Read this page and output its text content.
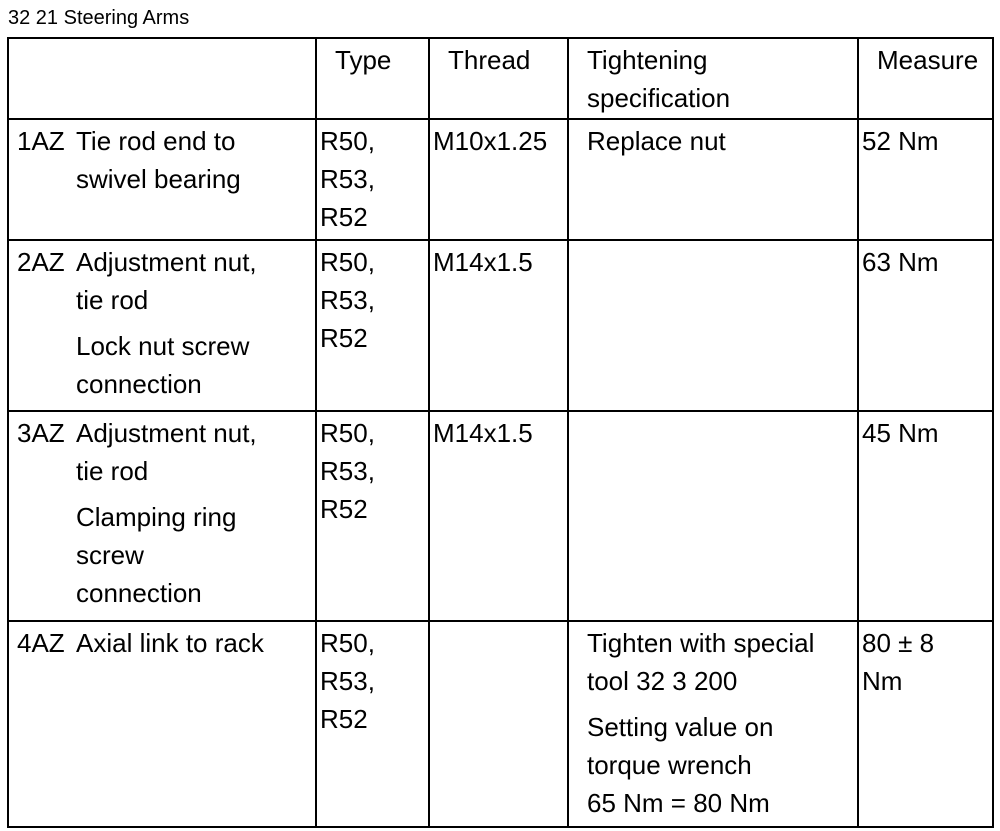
32 21 Steering Arms

		Type	Thread	Tightening
specification	Measure

1AZ	Tie rod end to
swivel bearing	R50,
R53,
R52	M10x1.25	Replace nut	52 Nm

2AZ	Adjustment nut,
tie rod
Lock nut screw
connection	R50,
R53,
R52	M14x1.5		63 Nm

3AZ	Adjustment nut,
tie rod
Clamping ring
screw
connection	R50,
R53,
R52	M14x1.5		45 Nm

4AZ	Axial link to rack	R50,
R53,
R52		Tighten with special
tool 32 3 200
Setting value on
torque wrench
65 Nm = 80 Nm	80 ± 8
Nm
